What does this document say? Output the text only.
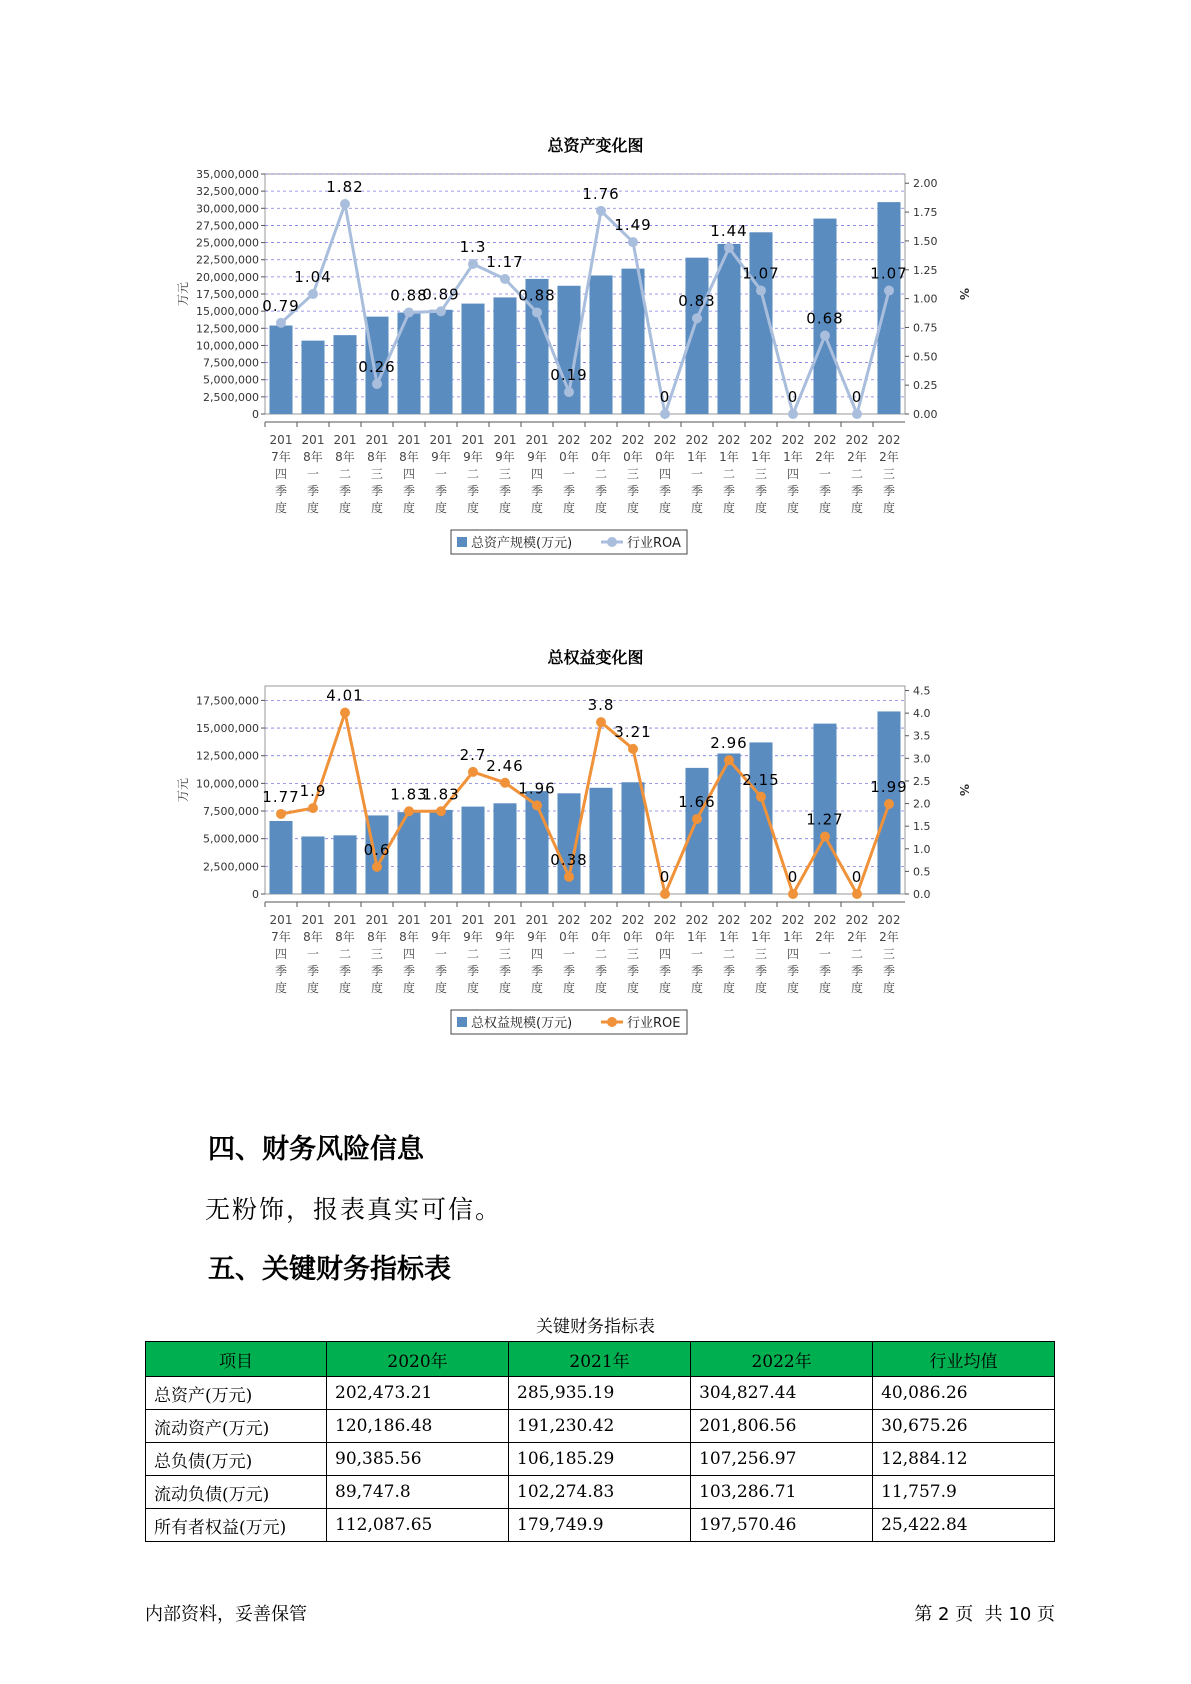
总资产变化图
0
2,500,000
5,000,000
7,500,000
10,000,000
12,500,000
15,000,000
17,500,000
20,000,000
22,500,000
25,000,000
27,500,000
30,000,000
32,500,000
35,000,000
0.00
0.25
0.50
0.75
1.00
1.25
1.50
1.75
2.00
万元	%
201
7年
四
季
度
201
8年
一
季
度
201
8年
二
季
度
201
8年
三
季
度
201
8年
四
季
度
201
9年
一
季
度
201
9年
二
季
度
201
9年
三
季
度
201
9年
四
季
度
202
0年
一
季
度
202
0年
二
季
度
202
0年
三
季
度
202
0年
四
季
度
202
1年
一
季
度
202
1年
二
季
度
202
1年
三
季
度
202
1年
四
季
度
202
2年
一
季
度
202
2年
二
季
度
202
2年
三
季
度
0.79
1.04
1.82
0.26
0.88
0.89
1.3
1.17
0.88
0.19
1.76
1.49
0
0.83
1.44
1.07
0
0.68
0
1.07
总资产规模(万元)	行业ROA
总权益变化图
0
2,500,000
5,000,000
7,500,000
10,000,000
12,500,000
15,000,000
17,500,000
0.0
0.5
1.0
1.5
2.0
2.5
3.0
3.5
4.0
4.5
万元	%
201
7年
四
季
度
201
8年
一
季
度
201
8年
二
季
度
201
8年
三
季
度
201
8年
四
季
度
201
9年
一
季
度
201
9年
二
季
度
201
9年
三
季
度
201
9年
四
季
度
202
0年
一
季
度
202
0年
二
季
度
202
0年
三
季
度
202
0年
四
季
度
202
1年
一
季
度
202
1年
二
季
度
202
1年
三
季
度
202
1年
四
季
度
202
2年
一
季
度
202
2年
二
季
度
202
2年
三
季
度
1.77 1.9
4.01
0.6
1.83
1.83
2.7
2.46
1.96
0.38
3.8
3.21
0
1.66
2.96
2.15
0
1.27
0
1.99
总权益规模(万元)	行业ROE
四、财务风险信息
无粉饰，报表真实可信。
五、关键财务指标表
关键财务指标表
项目	2020年	2021年	2022年	行业均值
总资产(万元)	202,473.21	285,935.19	304,827.44	40,086.26
流动资产(万元)	120,186.48	191,230.42	201,806.56	30,675.26
总负债(万元)	90,385.56	106,185.29	107,256.97	12,884.12
流动负债(万元)	89,747.8	102,274.83	103,286.71	11,757.9
所有者权益(万元)	112,087.65	179,749.9	197,570.46	25,422.84
内部资料，妥善保管	第 2 页  共 10 页
